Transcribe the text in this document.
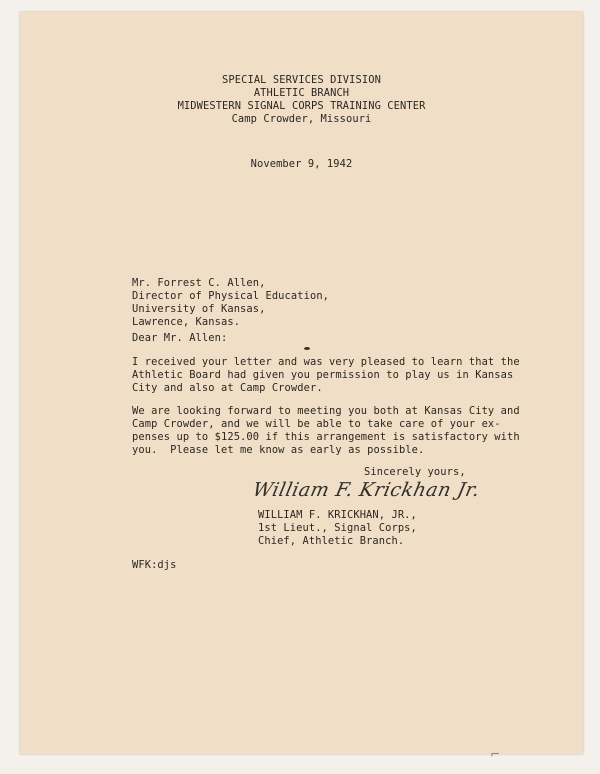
SPECIAL SERVICES DIVISION
ATHLETIC BRANCH
MIDWESTERN SIGNAL CORPS TRAINING CENTER
Camp Crowder, Missouri
November 9, 1942
Mr. Forrest C. Allen,
Director of Physical Education,
University of Kansas,
Lawrence, Kansas.
Dear Mr. Allen:
I received your letter and was very pleased to learn that the
Athletic Board had given you permission to play us in Kansas
City and also at Camp Crowder.
We are looking forward to meeting you both at Kansas City and
Camp Crowder, and we will be able to take care of your ex-
penses up to $125.00 if this arrangement is satisfactory with
you.  Please let me know as early as possible.
Sincerely yours,
William F. Krickhan Jr.
WILLIAM F. KRICKHAN, JR.,
1st Lieut., Signal Corps,
Chief, Athletic Branch.
WFK:djs
⌐
